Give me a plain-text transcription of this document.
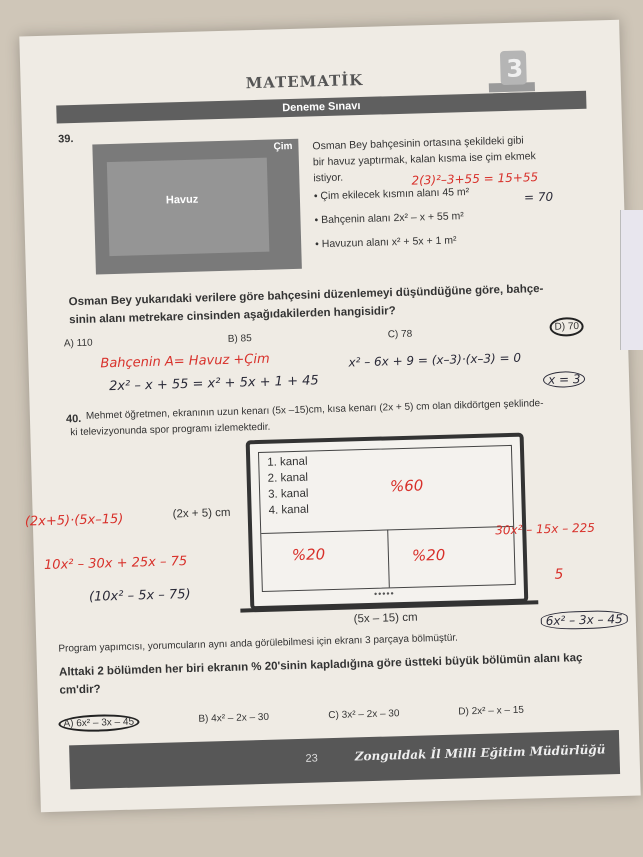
MATEMATİK	3
Deneme Sınavı
39.
Çim
Havuz
Osman Bey bahçesinin ortasına şekildeki gibi
bir havuz yaptırmak, kalan kısma ise çim ekmek
istiyor.
• Çim ekilecek kısmın alanı 45 m²
• Bahçenin alanı 2x² – x + 55 m²
• Havuzun alanı x² + 5x + 1 m²
Osman Bey yukarıdaki verilere göre bahçesini düzenlemeyi düşündüğüne göre, bahçe-
sinin alanı metrekare cinsinden aşağıdakilerden hangisidir?
A) 110	B) 85	C) 78
D) 70
2(3)²–3+55 = 15+55
= 70
Bahçenin A= Havuz +Çim
2x² – x + 55 = x² + 5x + 1 + 45
x² – 6x + 9 = (x–3)·(x–3) = 0
x = 3
40. Mehmet öğretmen, ekranının uzun kenarı (5x –15)cm, kısa kenarı (2x + 5) cm olan dikdörtgen şeklinde-
ki televizyonunda spor programı izlemektedir.
1. kanal
2. kanal
3. kanal
4. kanal
%60
%20	%20
•••••
(2x + 5) cm
(5x – 15) cm
(2x+5)·(5x–15)
10x² – 30x + 25x – 75
(10x² – 5x – 75)
30x² – 15x – 225
5
6x² – 3x – 45
Program yapımcısı, yorumcuların aynı anda görülebilmesi için ekranı 3 parçaya bölmüştür.
Alttaki 2 bölümden her biri ekranın % 20'sinin kapladığına göre üstteki büyük bölümün alanı kaç
cm'dir?
A) 6x² – 3x – 45	B) 4x² – 2x – 30	C) 3x² – 2x – 30	D) 2x² – x – 15
23	Zonguldak İl Milli Eğitim Müdürlüğü
